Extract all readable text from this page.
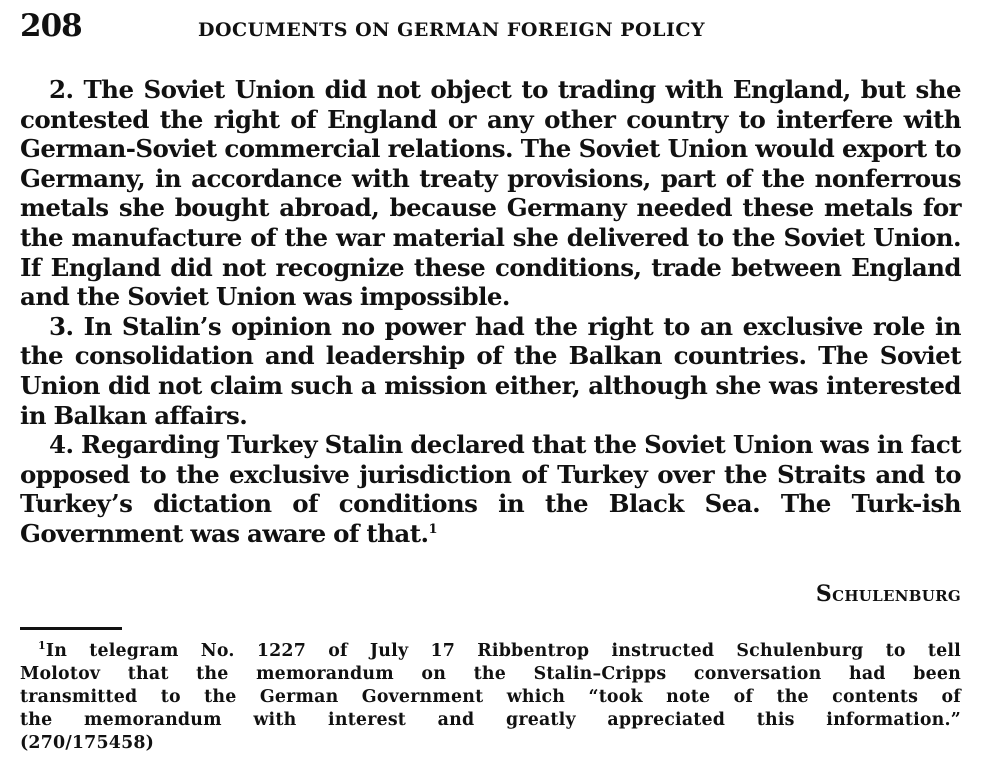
208	DOCUMENTS ON GERMAN FOREIGN POLICY

2. The Soviet Union did not object to trading with England, but she contested the right of England or any other country to interfere with German-Soviet commercial relations. The Soviet Union would export to Germany, in accordance with treaty provisions, part of the nonferrous metals she bought abroad, because Germany needed these metals for the manufacture of the war material she delivered to the Soviet Union. If England did not recognize these conditions, trade between England and the Soviet Union was impossible.

3. In Stalin’s opinion no power had the right to an exclusive role in the consolidation and leadership of the Balkan countries. The Soviet Union did not claim such a mission either, although she was interested in Balkan affairs.

4. Regarding Turkey Stalin declared that the Soviet Union was in fact opposed to the exclusive jurisdiction of Turkey over the Straits and to Turkey’s dictation of conditions in the Black Sea. The Turk-ish Government was aware of that.$^1$

Schulenburg
$^1$In telegram No. 1227 of July 17 Ribbentrop instructed Schulenburg to tell
Molotov that the memorandum on the Stalin–Cripps conversation had been
transmitted to the German Government which “took note of the contents of
the memorandum with interest and greatly appreciated this information.”
(270/175458)
